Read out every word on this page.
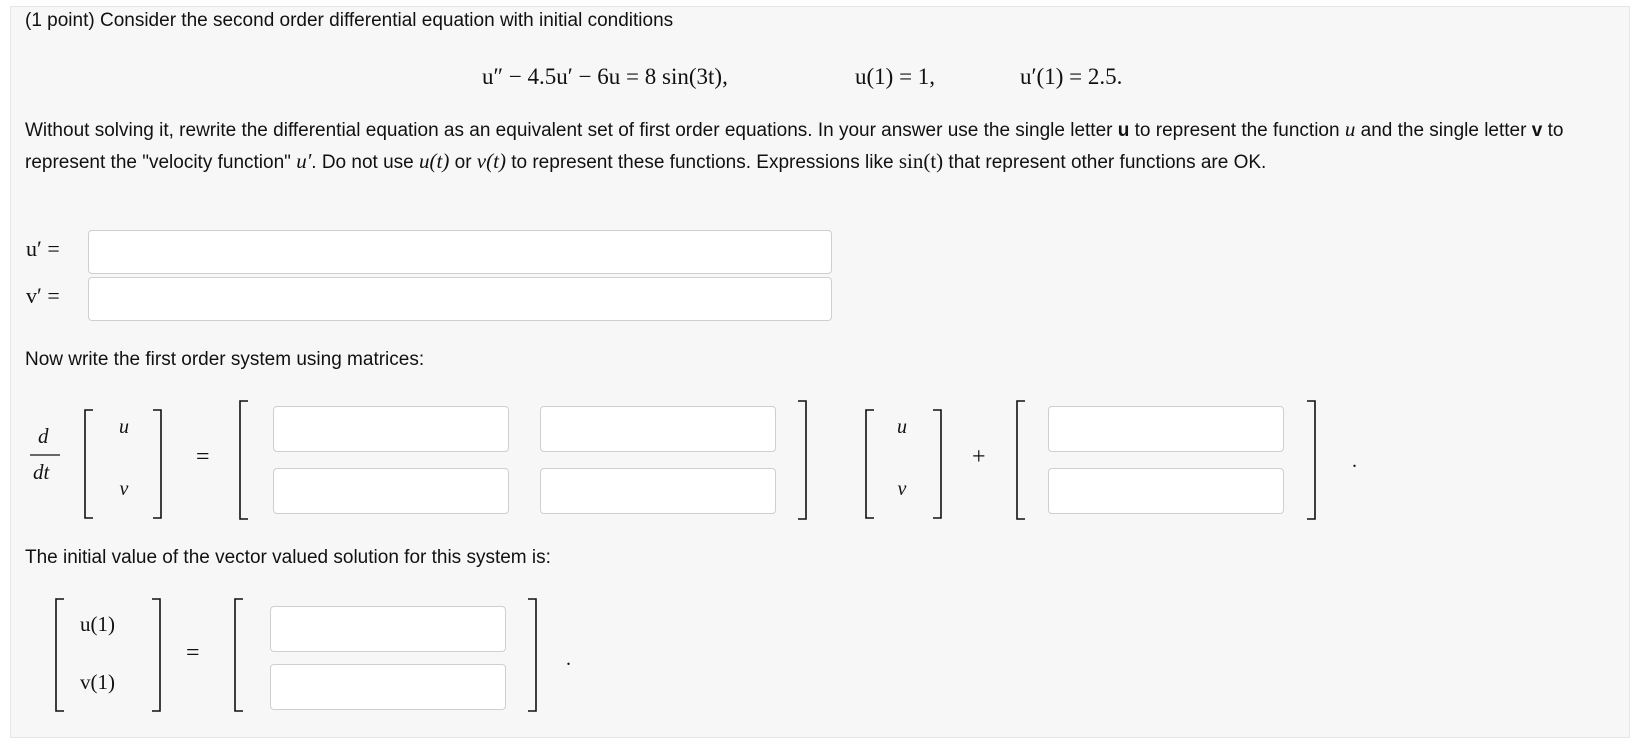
(1 point) Consider the second order differential equation with initial conditions
u″ − 4.5u′ − 6u = 8 sin(3t),	u(1) = 1,	u′(1) = 2.5.
Without solving it, rewrite the differential equation as an equivalent set of first order equations. In your answer use the single letter u to represent the function u and the single letter v to represent the "velocity function" u′. Do not use u(t) or v(t) to represent these functions. Expressions like sin(t) that represent other functions are OK.
u′ =
v′ =
Now write the first order system using matrices:
d
dt
u
v
=
u
v
+	.
The initial value of the vector valued solution for this system is:
u(1)
v(1)
=	.
